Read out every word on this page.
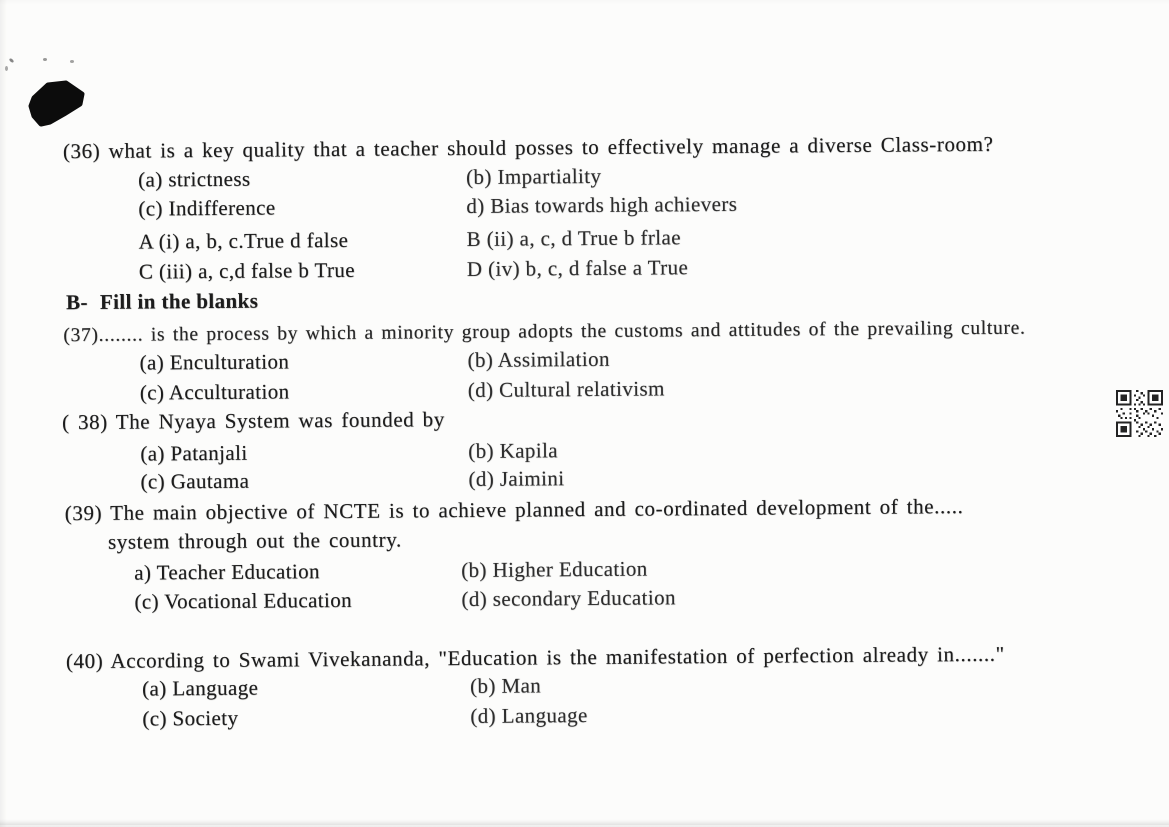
(36) what is a key quality that a teacher should posses to effectively manage a diverse Class-room?
(a) strictness	(b) Impartiality
(c) Indifference	d) Bias towards high achievers
A (i) a, b, c.True d false	B (ii) a, c, d True b frlae
C (iii) a, c,d false b True	D (iv) b, c, d false a True
B- Fill in the blanks
(37)........ is the process by which a minority group adopts the customs and attitudes of the prevailing culture.
(a) Enculturation	(b) Assimilation
(c) Acculturation	(d) Cultural relativism
( 38) The Nyaya System was founded by
(a) Patanjali	(b) Kapila
(c) Gautama	(d) Jaimini
(39) The main objective of NCTE is to achieve planned and co-ordinated development of the.....
system through out the country.
a) Teacher Education	(b) Higher Education
(c) Vocational Education	(d) secondary Education
(40) According to Swami Vivekananda, "Education is the manifestation of perfection already in......."
(a) Language	(b) Man
(c) Society	(d) Language
